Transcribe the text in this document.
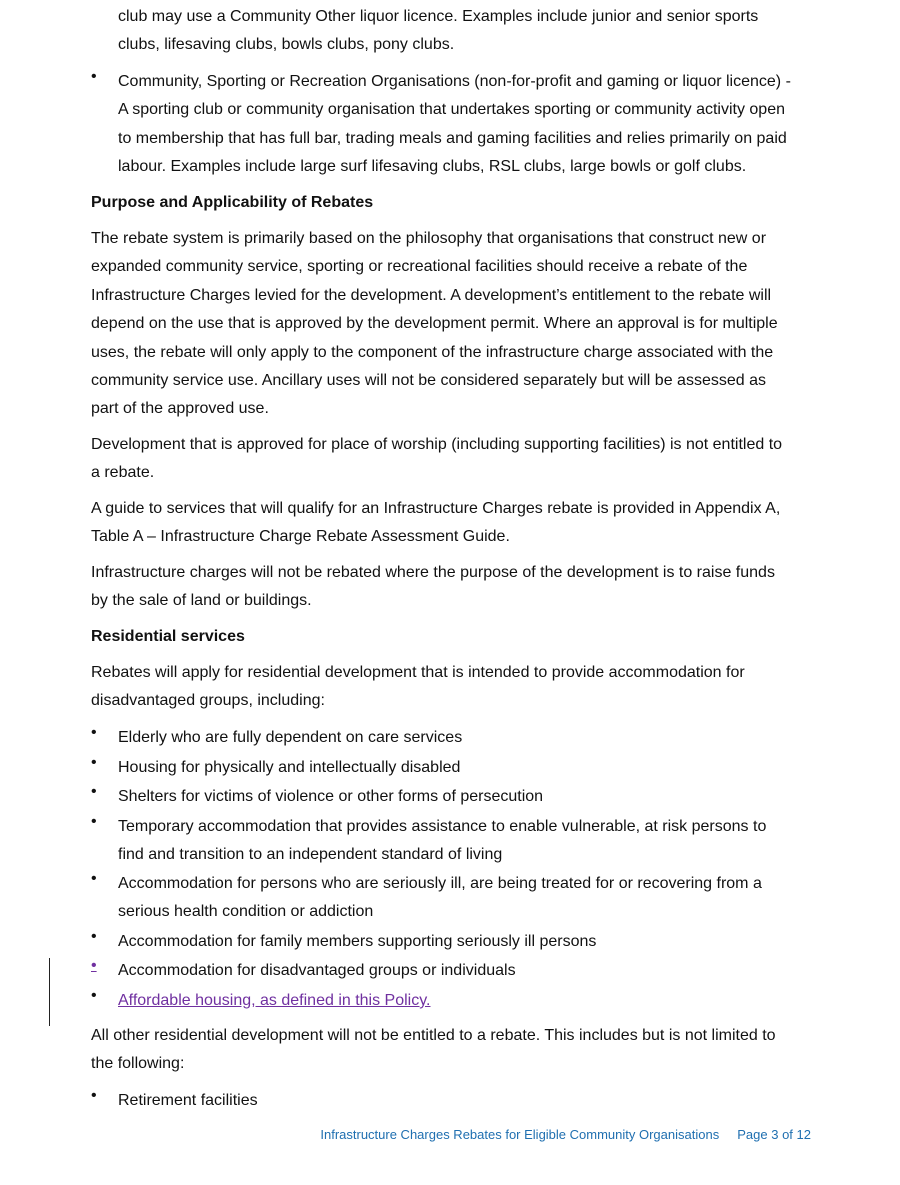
club may use a Community Other liquor licence. Examples include junior and senior sports

clubs, lifesaving clubs, bowls clubs, pony clubs.

• Community, Sporting or Recreation Organisations (non-for-profit and gaming or liquor licence) -

A sporting club or community organisation that undertakes sporting or community activity open

to membership that has full bar, trading meals and gaming facilities and relies primarily on paid

labour. Examples include large surf lifesaving clubs, RSL clubs, large bowls or golf clubs.

Purpose and Applicability of Rebates

The rebate system is primarily based on the philosophy that organisations that construct new or

expanded community service, sporting or recreational facilities should receive a rebate of the

Infrastructure Charges levied for the development. A development’s entitlement to the rebate will

depend on the use that is approved by the development permit. Where an approval is for multiple

uses, the rebate will only apply to the component of the infrastructure charge associated with the

community service use. Ancillary uses will not be considered separately but will be assessed as

part of the approved use.

Development that is approved for place of worship (including supporting facilities) is not entitled to

a rebate.

A guide to services that will qualify for an Infrastructure Charges rebate is provided in Appendix A,

Table A – Infrastructure Charge Rebate Assessment Guide.

Infrastructure charges will not be rebated where the purpose of the development is to raise funds

by the sale of land or buildings.

Residential services

Rebates will apply for residential development that is intended to provide accommodation for

disadvantaged groups, including:

• Elderly who are fully dependent on care services

• Housing for physically and intellectually disabled

• Shelters for victims of violence or other forms of persecution

• Temporary accommodation that provides assistance to enable vulnerable, at risk persons to

find and transition to an independent standard of living

• Accommodation for persons who are seriously ill, are being treated for or recovering from a

serious health condition or addiction

• Accommodation for family members supporting seriously ill persons

•	Accommodation for disadvantaged groups or individuals

• Affordable housing, as defined in this Policy.

All other residential development will not be entitled to a rebate. This includes but is not limited to

the following:

• Retirement facilities

Infrastructure Charges Rebates for Eligible Community Organisations Page 3 of 12
